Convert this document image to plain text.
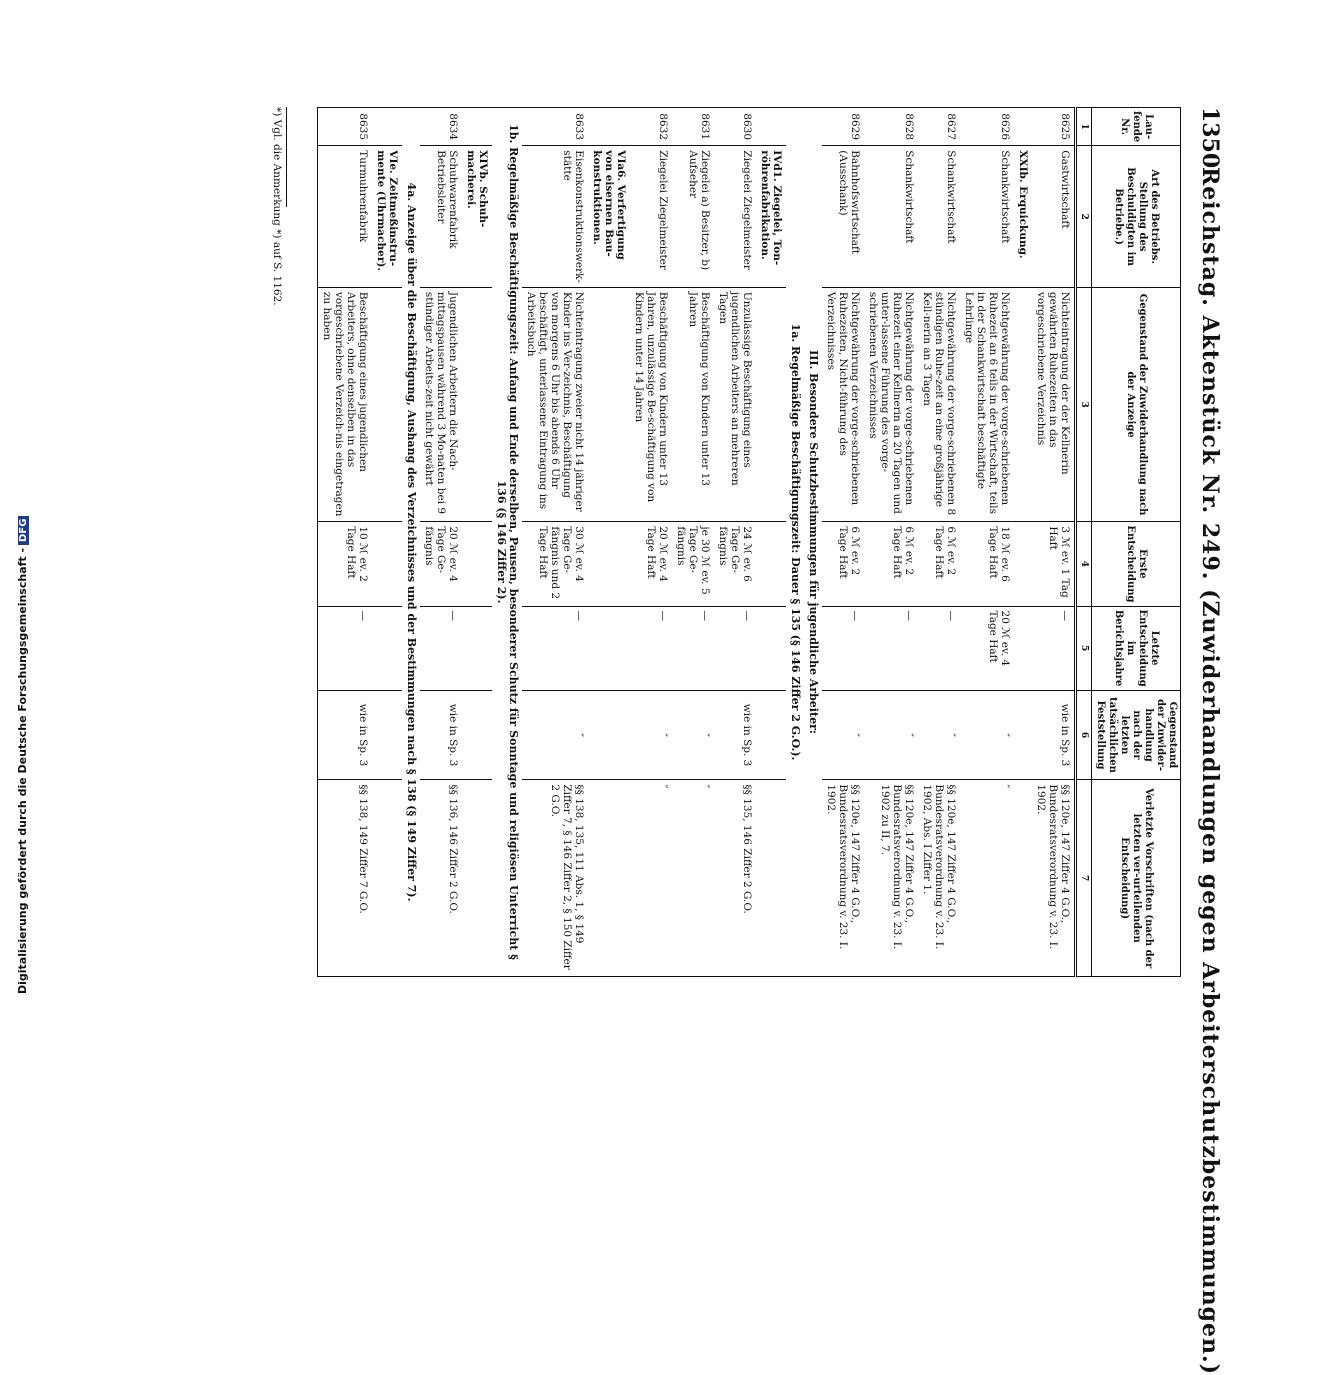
1350
Reichstag. Aktenstück Nr. 249. (Zuwiderhandlungen gegen Arbeiterschutzbestimmungen.)
Lau-fende Nr.	Art des Betriebs. Stellung des Beschuldigten im Betriebe.)	Gegenstand der Zuwiderhandlung nach der Anzeige	Erste Entscheidung	Letzte Entscheidung im Berichtsjahre	Gegenstand der Zuwider-handlung nach der letzten tatsächlichen Feststellung	Verletzte Vorschriften (nach der letzten ver-urteilenden Entscheidung)
1	2	3	4	5	6	7
8625	Gastwirtschaft	Nichteintragung der der Kellnerin gewährten Ruhezeiten in das vorgeschriebene Verzeichnis	3 ℳ ev. 1 Tag Haft	—	wie in Sp. 3	§§ 120e, 147 Ziffer 4 G.O., Bundesratsverordnung v. 23. I. 1902.
	XXIb. Erquickung.					
8626	Schankwirtschaft	Nichtgewährung der vorge-schriebenen Ruhezeit an 6 teils in der Wirtschaft, teils in der Schankwirtschaft beschäftigte Lehrlinge	18 ℳ ev. 6 Tage Haft	20 ℳ ev. 4 Tage Haft	″	″
8627	Schankwirtschaft	Nichtgewährung der vorge-schriebenen 8 stündigen Ruhe-zeit an eine großjährige Kell-nerin an 3 Tagen	6 ℳ ev. 2 Tage Haft	—	″	§§ 120e, 147 Ziffer 4 G.O., Bundesratsverordnung v. 23. I. 1902, Abs. I Ziffer 1.
8628	Schankwirtschaft	Nichtgewährung der vorge-schriebenen Ruhezeit einer Kellnerin an 20 Tagen und unter-lassene Führung des vorge-schriebenen Verzeichnisses	6 ℳ ev. 2 Tage Haft	—	″	§§ 120e, 147 Ziffer 4 G.O., Bundesratsverordnung v. 23. I. 1902 zu II, 7.
8629	Bahnhofswirtschaft (Ausschank)	Nichtgewährung der vorge-schriebenen Ruhezeiten, Nicht-führung des Verzeichnisses	6 ℳ ev. 2 Tage Haft	—	″	§§ 120e, 147 Ziffer 4 G.O., Bundesratsverordnung v. 23. I. 1902.
III. Besondere Schutzbestimmungen für jugendliche Arbeiter:						
1a. Regelmäßige Beschäftigungszeit: Dauer § 135 (§ 146 Ziffer 2 G.O.).						
	IVd1. Ziegelei, Ton-röhrenfabrikation.					
8630	Ziegelei Ziegelmeister	Unzulässige Beschäftigung eines jugendlichen Arbeiters an mehreren Tagen	24 ℳ ev. 6 Tage Ge-fängnis	—	wie in Sp. 3	§§ 135, 146 Ziffer 2 G.O.
8631	Ziegelei a) Besitzer, b) Aufseher	Beschäftigung von Kindern unter 13 Jahren	je 30 ℳ ev. 5 Tage Ge-fängnis	—	″	″
8632	Ziegelei Ziegelmeister	Beschäftigung von Kindern unter 13 Jahren, unzulässige Be-schäftigung von Kindern unter 14 Jahren	20 ℳ ev. 4 Tage Haft	—	″	″
	VIa6. Verfertigung von eisernen Bau-konstruktionen.					
8633	Eisenkonstruktionswerk-stätte	Nichteintragung zweier nicht 14 jähriger Kinder ins Ver-zeichnis, Beschäftigung von morgens 6 Uhr bis abends 6 Uhr beschäftigt, unterlassene Eintragung ins Arbeitsbuch	30 ℳ ev. 4 Tage Ge-fängnis und 2 Tage Haft	—	″	§§ 138, 135, 111 Abs. 1, § 149 Ziffer 7, § 146 Ziffer 2, § 150 Ziffer 2 G.O.
1b. Regelmäßige Beschäftigungszeit: Anfang und Ende derselben, Pausen, besonderer Schutz für Sonntage und religiösen Unterricht § 136 (§ 146 Ziffer 2).						
	XIVb. Schuh-macherei.					
8634	Schuhwarenfabrik Betriebsleiter	Jugendlichen Arbeitern die Nach-mittagspausen während 3 Mo-naten bei 9 stündiger Arbeits-zeit nicht gewährt	20 ℳ ev. 4 Tage Ge-fängnis	—	wie in Sp. 3	§§ 136, 146 Ziffer 2 G.O.
4a. Anzeige über die Beschäftigung, Aushang des Verzeichnisses und der Bestimmungen nach § 138 (§ 149 Ziffer 7).						
	VIe. Zeitmeßinstru-mente (Uhrmacher).					
8635	Turmuhrenfabrik	Beschäftigung eines jugendlichen Arbeiters, ohne denselben in das vorgeschriebene Verzeich-nis eingetragen zu haben	10 ℳ ev. 2 Tage Haft	—	wie in Sp. 3	§§ 138, 149 Ziffer 7 G.O.
*) Vgl. die Anmerkung *) auf S. 1162.
Digitalisierung gefördert durch die Deutsche Forschungsgemeinschaft -DFG
